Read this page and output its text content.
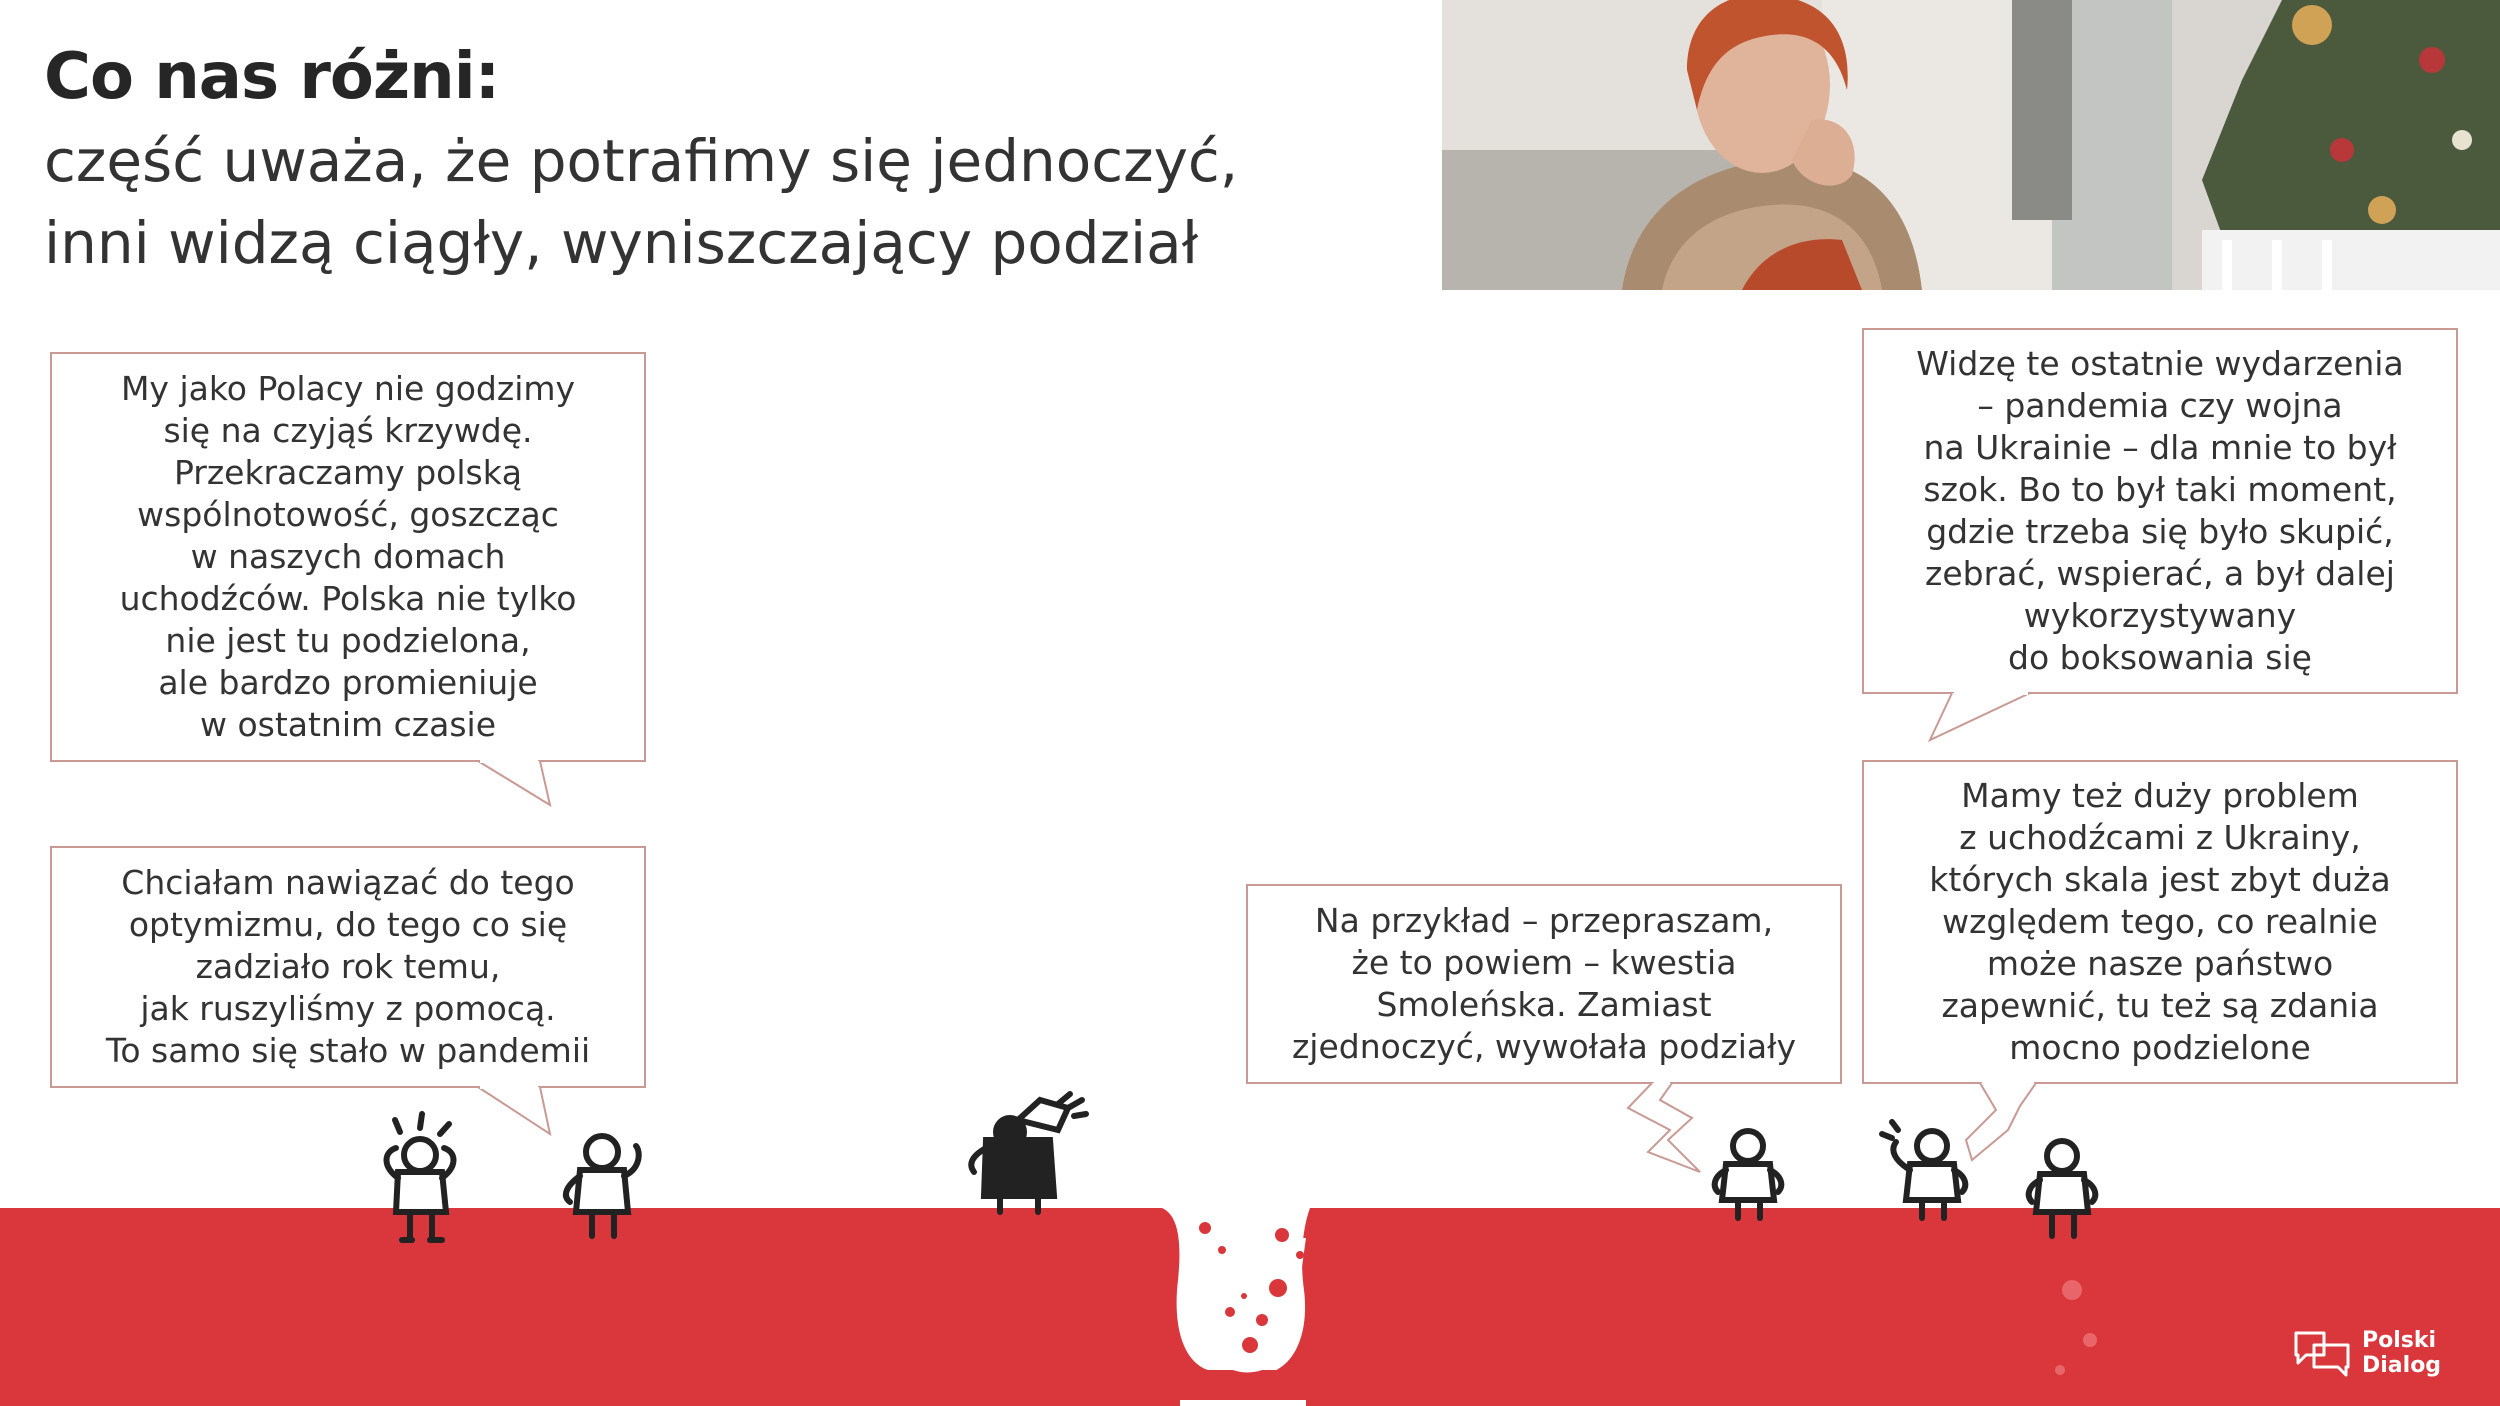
Co nas różni:
część uważa, że potrafimy się jednoczyć,
inni widzą ciągły, wyniszczający podział

My jako Polacy nie godzimy
się na czyjąś krzywdę.
Przekraczamy polską
wspólnotowość, goszcząc
w naszych domach
uchodźców. Polska nie tylko
nie jest tu podzielona,
ale bardzo promieniuje
w ostatnim czasie

Chciałam nawiązać do tego
optymizmu, do tego co się
zadziało rok temu,
jak ruszyliśmy z pomocą.
To samo się stało w pandemii

Na przykład – przepraszam,
że to powiem – kwestia
Smoleńska. Zamiast
zjednoczyć, wywołała podziały

Widzę te ostatnie wydarzenia
– pandemia czy wojna
na Ukrainie – dla mnie to był
szok. Bo to był taki moment,
gdzie trzeba się było skupić,
zebrać, wspierać, a był dalej
wykorzystywany
do boksowania się

Mamy też duży problem
z uchodźcami z Ukrainy,
których skala jest zbyt duża
względem tego, co realnie
może nasze państwo
zapewnić, tu też są zdania
mocno podzielone

Polski
Dialog
